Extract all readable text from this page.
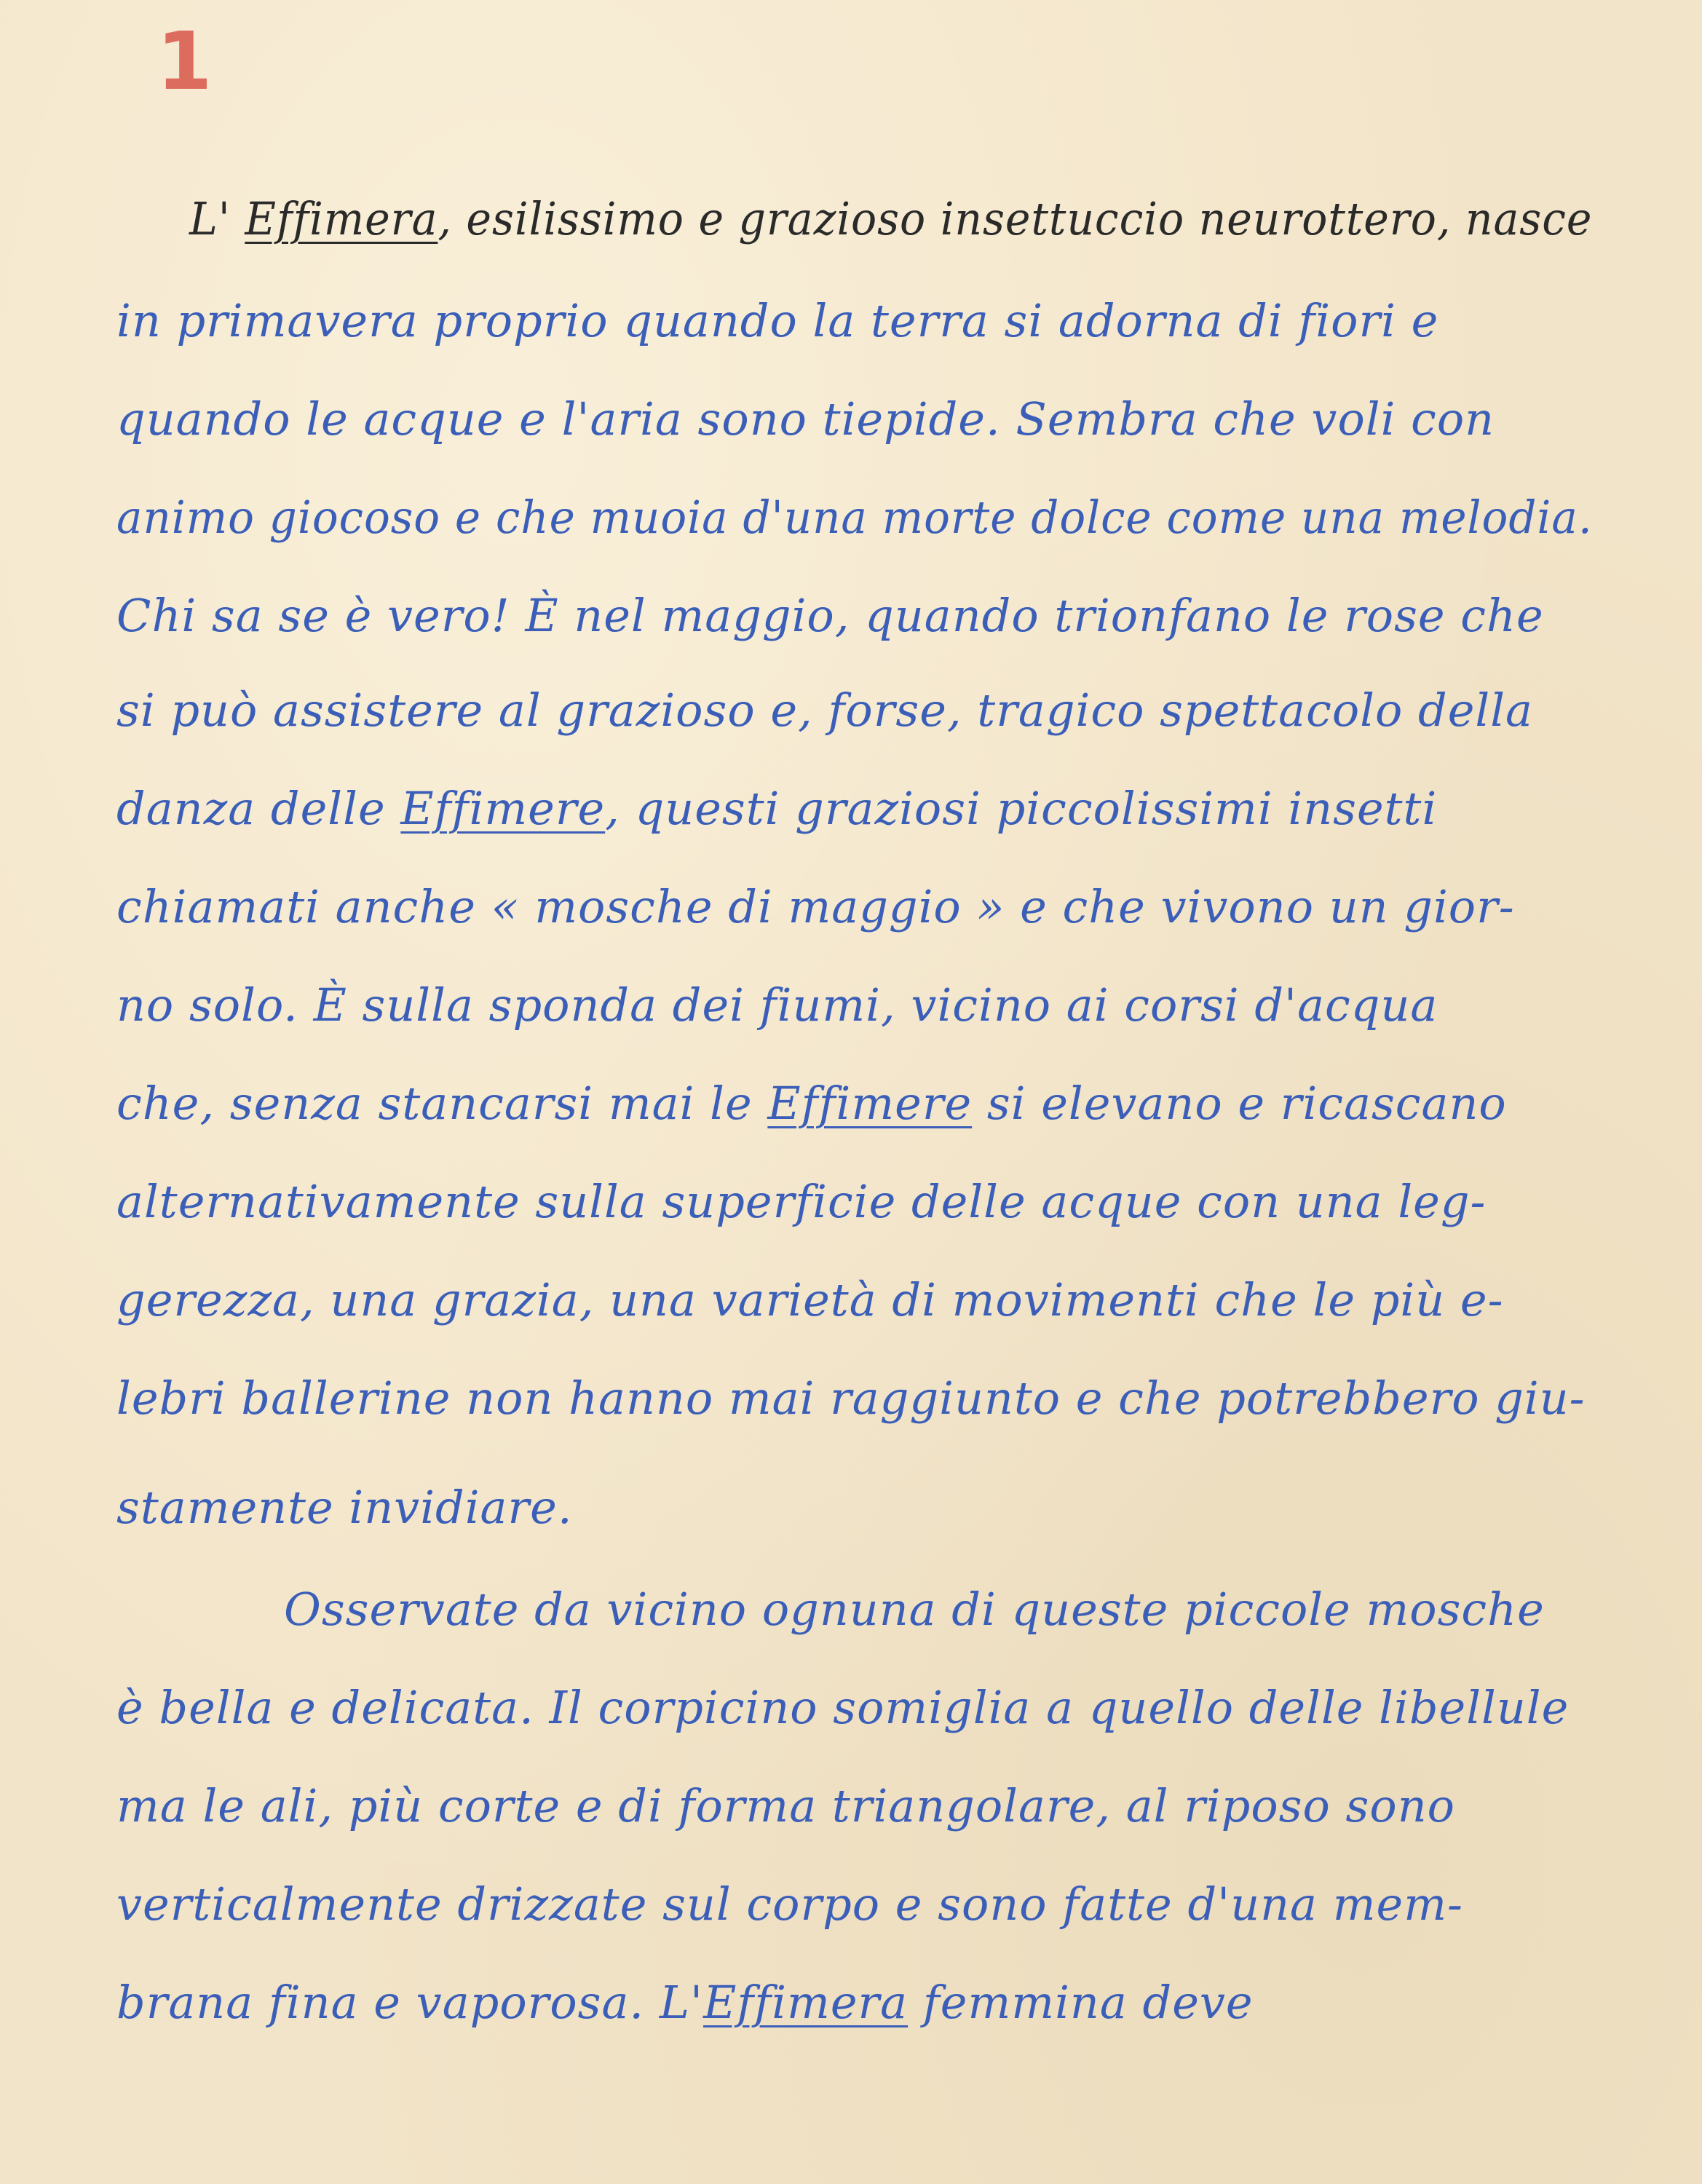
1
L' Effimera, esilissimo e grazioso insettuccio neurottero, nasce
in primavera proprio quando la terra si adorna di fiori e
quando le acque e l'aria sono tiepide. Sembra che voli con
animo giocoso e che muoia d'una morte dolce come una melodia.
Chi sa se è vero! È nel maggio, quando trionfano le rose che
si può assistere al grazioso e, forse, tragico spettacolo della
danza delle Effimere, questi graziosi piccolissimi insetti
chiamati anche « mosche di maggio » e che vivono un gior-
no solo. È sulla sponda dei fiumi, vicino ai corsi d'acqua
che, senza stancarsi mai le Effimere si elevano e ricascano
alternativamente sulla superficie delle acque con una leg-
gerezza, una grazia, una varietà di movimenti che le più e-
lebri ballerine non hanno mai raggiunto e che potrebbero giu-
stamente invidiare.
Osservate da vicino ognuna di queste piccole mosche
è bella e delicata. Il corpicino somiglia a quello delle libellule
ma le ali, più corte e di forma triangolare, al riposo sono
verticalmente drizzate sul corpo e sono fatte d'una mem-
brana fina e vaporosa. L'Effimera femmina deve
